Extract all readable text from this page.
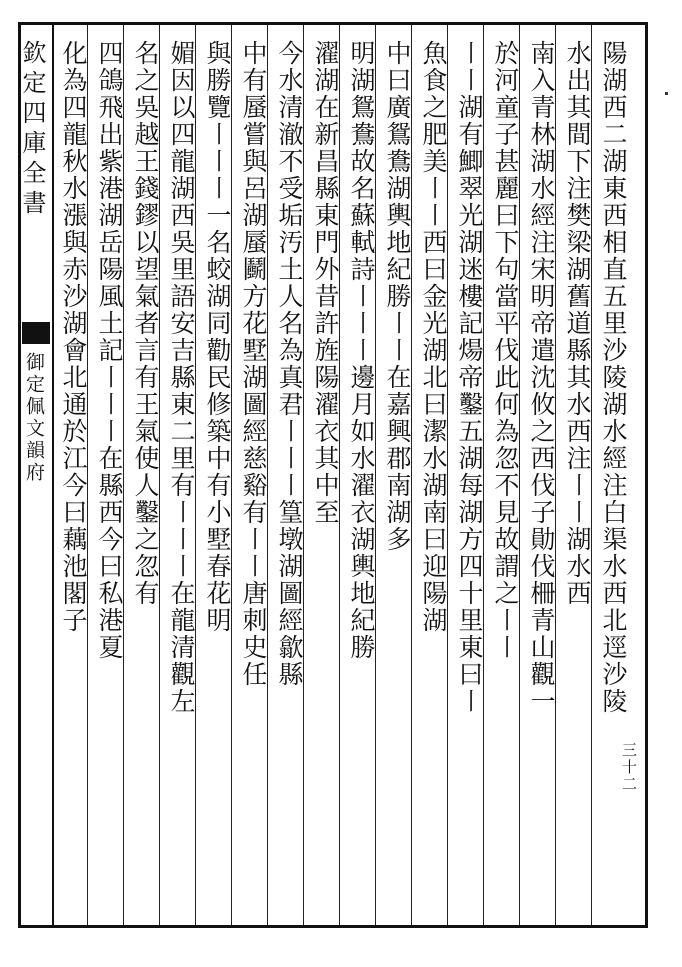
欽定四庫全書
御定佩文韻府
三十二
陽湖西二湖東西相直五里沙陵湖水經注白渠水西北逕沙陵
水出其間下注樊梁湖舊道縣其水西注〡〡湖水西
南入青林湖水經注宋明帝遣沈攸之西伐子勛伐柵青山觀一
於河童子甚麗曰下句當平伐此何為忽不見故謂之〡〡
〡〡湖有鯽翠光湖迷樓記煬帝鑿五湖每湖方四十里東曰〡
魚食之肥美〡〡西曰金光湖北曰潔水湖南曰迎陽湖
中曰廣鴛鴦湖輿地紀勝〡〡在嘉興郡南湖多
明湖鴛鴦故名蘇軾詩〡〡〡邊月如水濯衣湖輿地紀勝
濯湖在新昌縣東門外昔許旌陽濯衣其中至
今水清澈不受垢汚土人名為真君〡〡〡篁墩湖圖經歙縣
中有蜃嘗與呂湖蜃鬬方花墅湖圖經慈谿有〡〡唐刺史任
與勝覽〡〡〡一名蛟湖同勸民修築中有小墅春花明
媚因以四龍湖西吳里語安吉縣東二里有〡〡〡在龍清觀左
名之吳越王錢鏐以望氣者言有王氣使人鑿之忽有
四鴿飛出紫港湖岳陽風土記〡〡〡在縣西今曰私港夏
化為四龍秋水漲與赤沙湖會北通於江今曰藕池閣子
